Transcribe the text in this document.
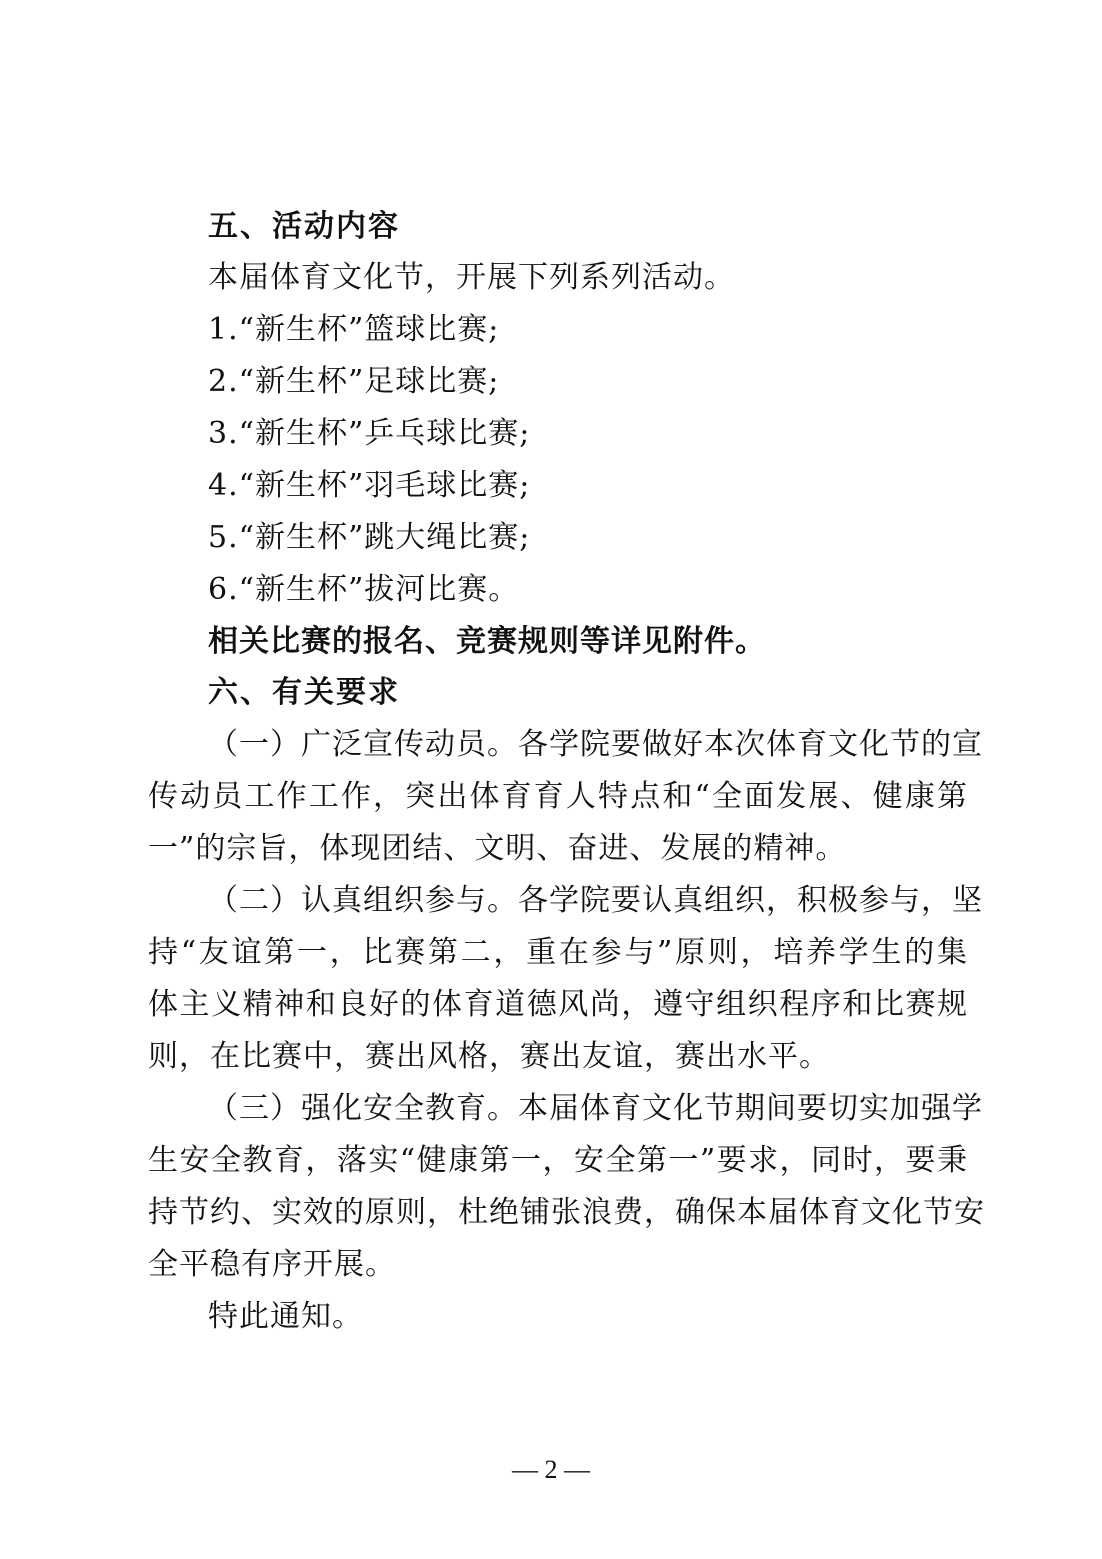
五、活动内容
本届体育文化节，开展下列系列活动。
1.“新生杯”篮球比赛;
2.“新生杯”足球比赛;
3.“新生杯”乒乓球比赛;
4.“新生杯”羽毛球比赛;
5.“新生杯”跳大绳比赛;
6.“新生杯”拔河比赛。
相关比赛的报名、竞赛规则等详见附件。
六、有关要求
（一）广泛宣传动员。各学院要做好本次体育文化节的宣
传动员工作工作，突出体育育人特点和“全面发展、健康第
一”的宗旨，体现团结、文明、奋进、发展的精神。
（二）认真组织参与。各学院要认真组织，积极参与，坚
持“友谊第一，比赛第二，重在参与”原则，培养学生的集
体主义精神和良好的体育道德风尚，遵守组织程序和比赛规
则，在比赛中，赛出风格，赛出友谊，赛出水平。
（三）强化安全教育。本届体育文化节期间要切实加强学
生安全教育，落实“健康第一，安全第一”要求，同时，要秉
持节约、实效的原则，杜绝铺张浪费，确保本届体育文化节安
全平稳有序开展。
特此通知。
— 2 —
